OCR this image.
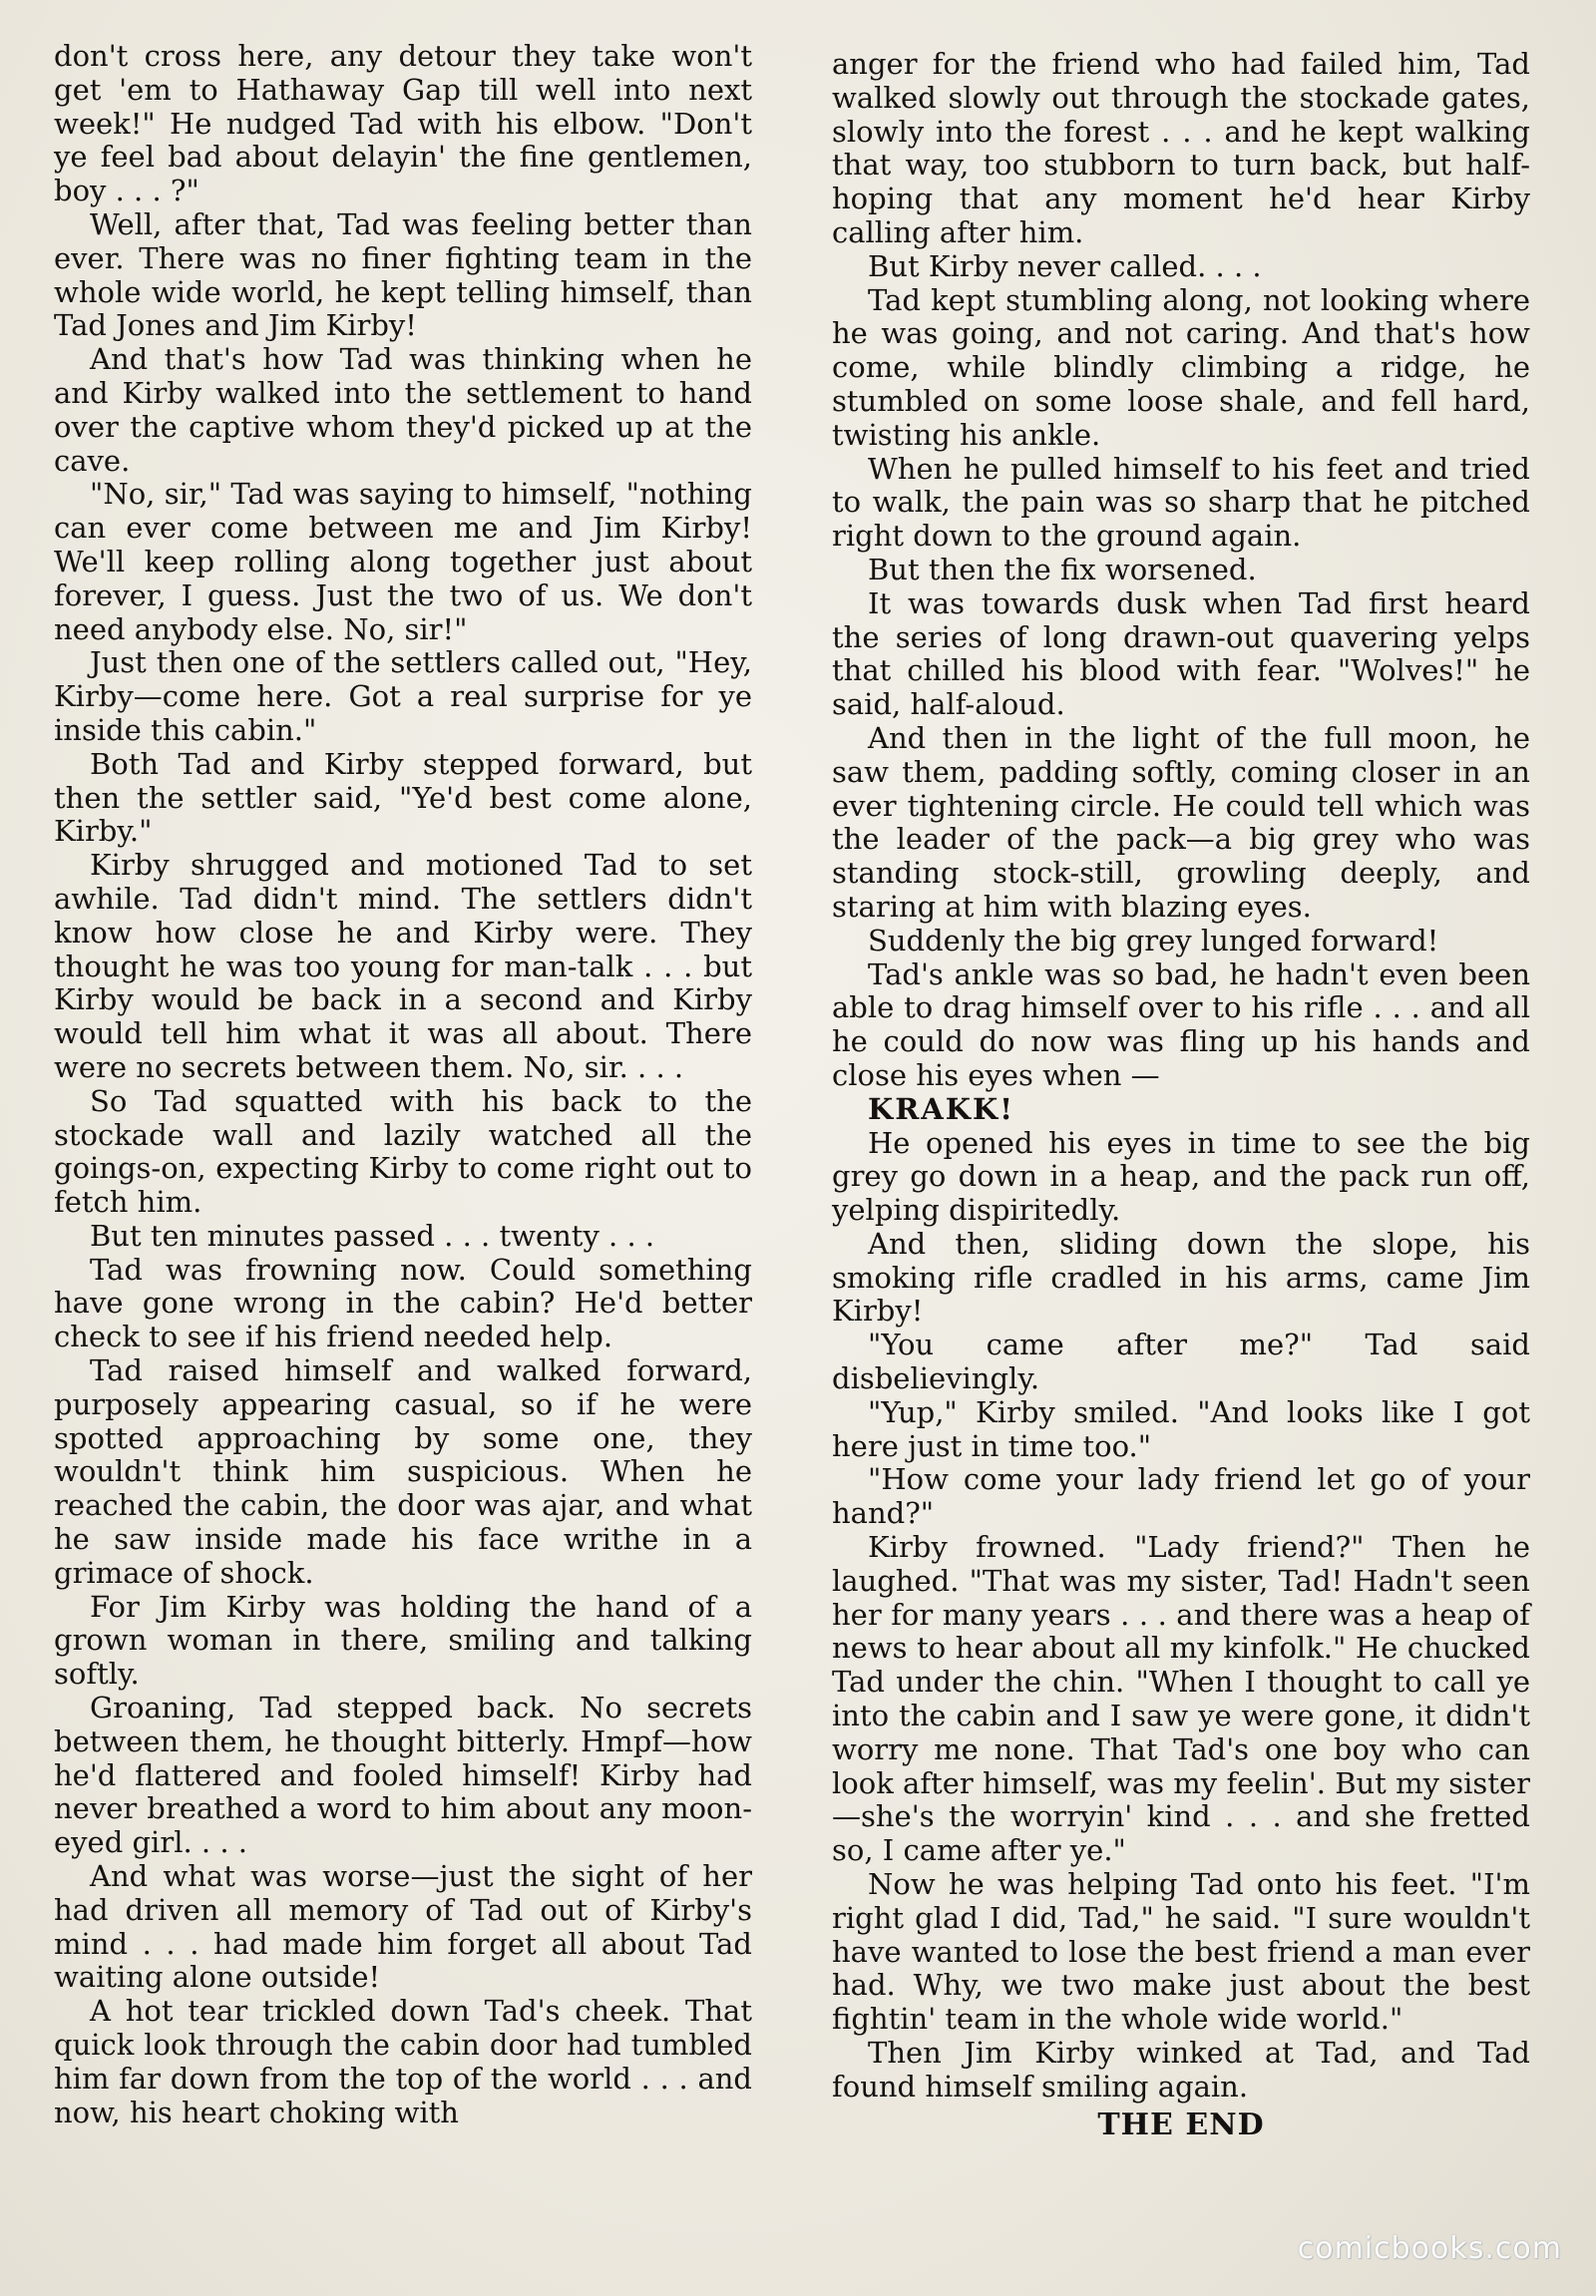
don't cross here, any detour they take won't get 'em to Hathaway Gap till well into next week!" He nudged Tad with his elbow. "Don't ye feel bad about delayin' the fine gentlemen, boy . . . ?"

Well, after that, Tad was feeling better than ever. There was no finer fighting team in the whole wide world, he kept telling himself, than Tad Jones and Jim Kirby!

And that's how Tad was thinking when he and Kirby walked into the settlement to hand over the captive whom they'd picked up at the cave.

"No, sir," Tad was saying to himself, "nothing can ever come between me and Jim Kirby! We'll keep rolling along together just about forever, I guess. Just the two of us. We don't need anybody else. No, sir!"

Just then one of the settlers called out, "Hey, Kirby—come here. Got a real surprise for ye inside this cabin."

Both Tad and Kirby stepped forward, but then the settler said, "Ye'd best come alone, Kirby."

Kirby shrugged and motioned Tad to set awhile. Tad didn't mind. The settlers didn't know how close he and Kirby were. They thought he was too young for man-talk . . . but Kirby would be back in a second and Kirby would tell him what it was all about. There were no secrets between them. No, sir. . . .

So Tad squatted with his back to the stockade wall and lazily watched all the goings-on, expecting Kirby to come right out to fetch him.

But ten minutes passed . . . twenty . . .

Tad was frowning now. Could something have gone wrong in the cabin? He'd better check to see if his friend needed help.

Tad raised himself and walked forward, purposely appearing casual, so if he were spotted approaching by some one, they wouldn't think him suspicious. When he reached the cabin, the door was ajar, and what he saw inside made his face writhe in a grimace of shock.

For Jim Kirby was holding the hand of a grown woman in there, smiling and talking softly.

Groaning, Tad stepped back. No secrets between them, he thought bitterly. Hmpf—how he'd flattered and fooled himself! Kirby had never breathed a word to him about any moon-eyed girl. . . .

And what was worse—just the sight of her had driven all memory of Tad out of Kirby's mind . . . had made him forget all about Tad waiting alone outside!

A hot tear trickled down Tad's cheek. That quick look through the cabin door had tumbled him far down from the top of the world . . . and now, his heart choking with

anger for the friend who had failed him, Tad walked slowly out through the stockade gates, slowly into the forest . . . and he kept walking that way, too stubborn to turn back, but half-hoping that any moment he'd hear Kirby calling after him.

But Kirby never called. . . .

Tad kept stumbling along, not looking where he was going, and not caring. And that's how come, while blindly climbing a ridge, he stumbled on some loose shale, and fell hard, twisting his ankle.

When he pulled himself to his feet and tried to walk, the pain was so sharp that he pitched right down to the ground again.

But then the fix worsened.

It was towards dusk when Tad first heard the series of long drawn-out quavering yelps that chilled his blood with fear. "Wolves!" he said, half-aloud.

And then in the light of the full moon, he saw them, padding softly, coming closer in an ever tightening circle. He could tell which was the leader of the pack—a big grey who was standing stock-still, growling deeply, and staring at him with blazing eyes.

Suddenly the big grey lunged forward!

Tad's ankle was so bad, he hadn't even been able to drag himself over to his rifle . . . and all he could do now was fling up his hands and close his eyes when —

KRAKK!

He opened his eyes in time to see the big grey go down in a heap, and the pack run off, yelping dispiritedly.

And then, sliding down the slope, his smoking rifle cradled in his arms, came Jim Kirby!

"You came after me?" Tad said disbelievingly.

"Yup," Kirby smiled. "And looks like I got here just in time too."

"How come your lady friend let go of your hand?"

Kirby frowned. "Lady friend?" Then he laughed. "That was my sister, Tad! Hadn't seen her for many years . . . and there was a heap of news to hear about all my kinfolk." He chucked Tad under the chin. "When I thought to call ye into the cabin and I saw ye were gone, it didn't worry me none. That Tad's one boy who can look after himself, was my feelin'. But my sister—she's the worryin' kind . . . and she fretted so, I came after ye."

Now he was helping Tad onto his feet. "I'm right glad I did, Tad," he said. "I sure wouldn't have wanted to lose the best friend a man ever had. Why, we two make just about the best fightin' team in the whole wide world."

Then Jim Kirby winked at Tad, and Tad found himself smiling again.

THE END

comicbooks.com
